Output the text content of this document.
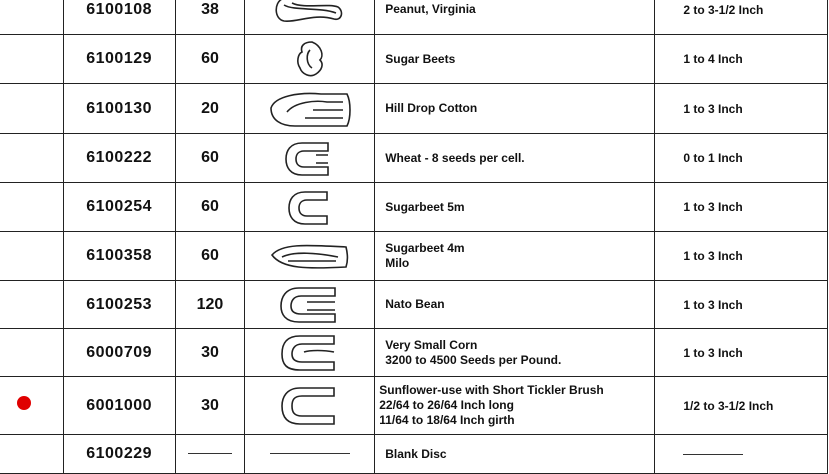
	6100108	38		Peanut, Virginia	2 to 3-1/2 Inch
	6100129	60		Sugar Beets	1 to 4 Inch
	6100130	20		Hill Drop Cotton	1 to 3 Inch
	6100222	60		Wheat - 8 seeds per cell.	0 to 1 Inch
	6100254	60		Sugarbeet 5m	1 to 3 Inch
	6100358	60		Sugarbeet 4m
Milo	1 to 3 Inch
	6100253	120		Nato Bean	1 to 3 Inch
	6000709	30		Very Small Corn
3200 to 4500 Seeds per Pound.	1 to 3 Inch
	6001000	30		Sunflower-use with Short Tickler Brush
22/64 to 26/64 Inch long
11/64 to 18/64 Inch girth	1/2 to 3-1/2 Inch
	6100229			Blank Disc	
